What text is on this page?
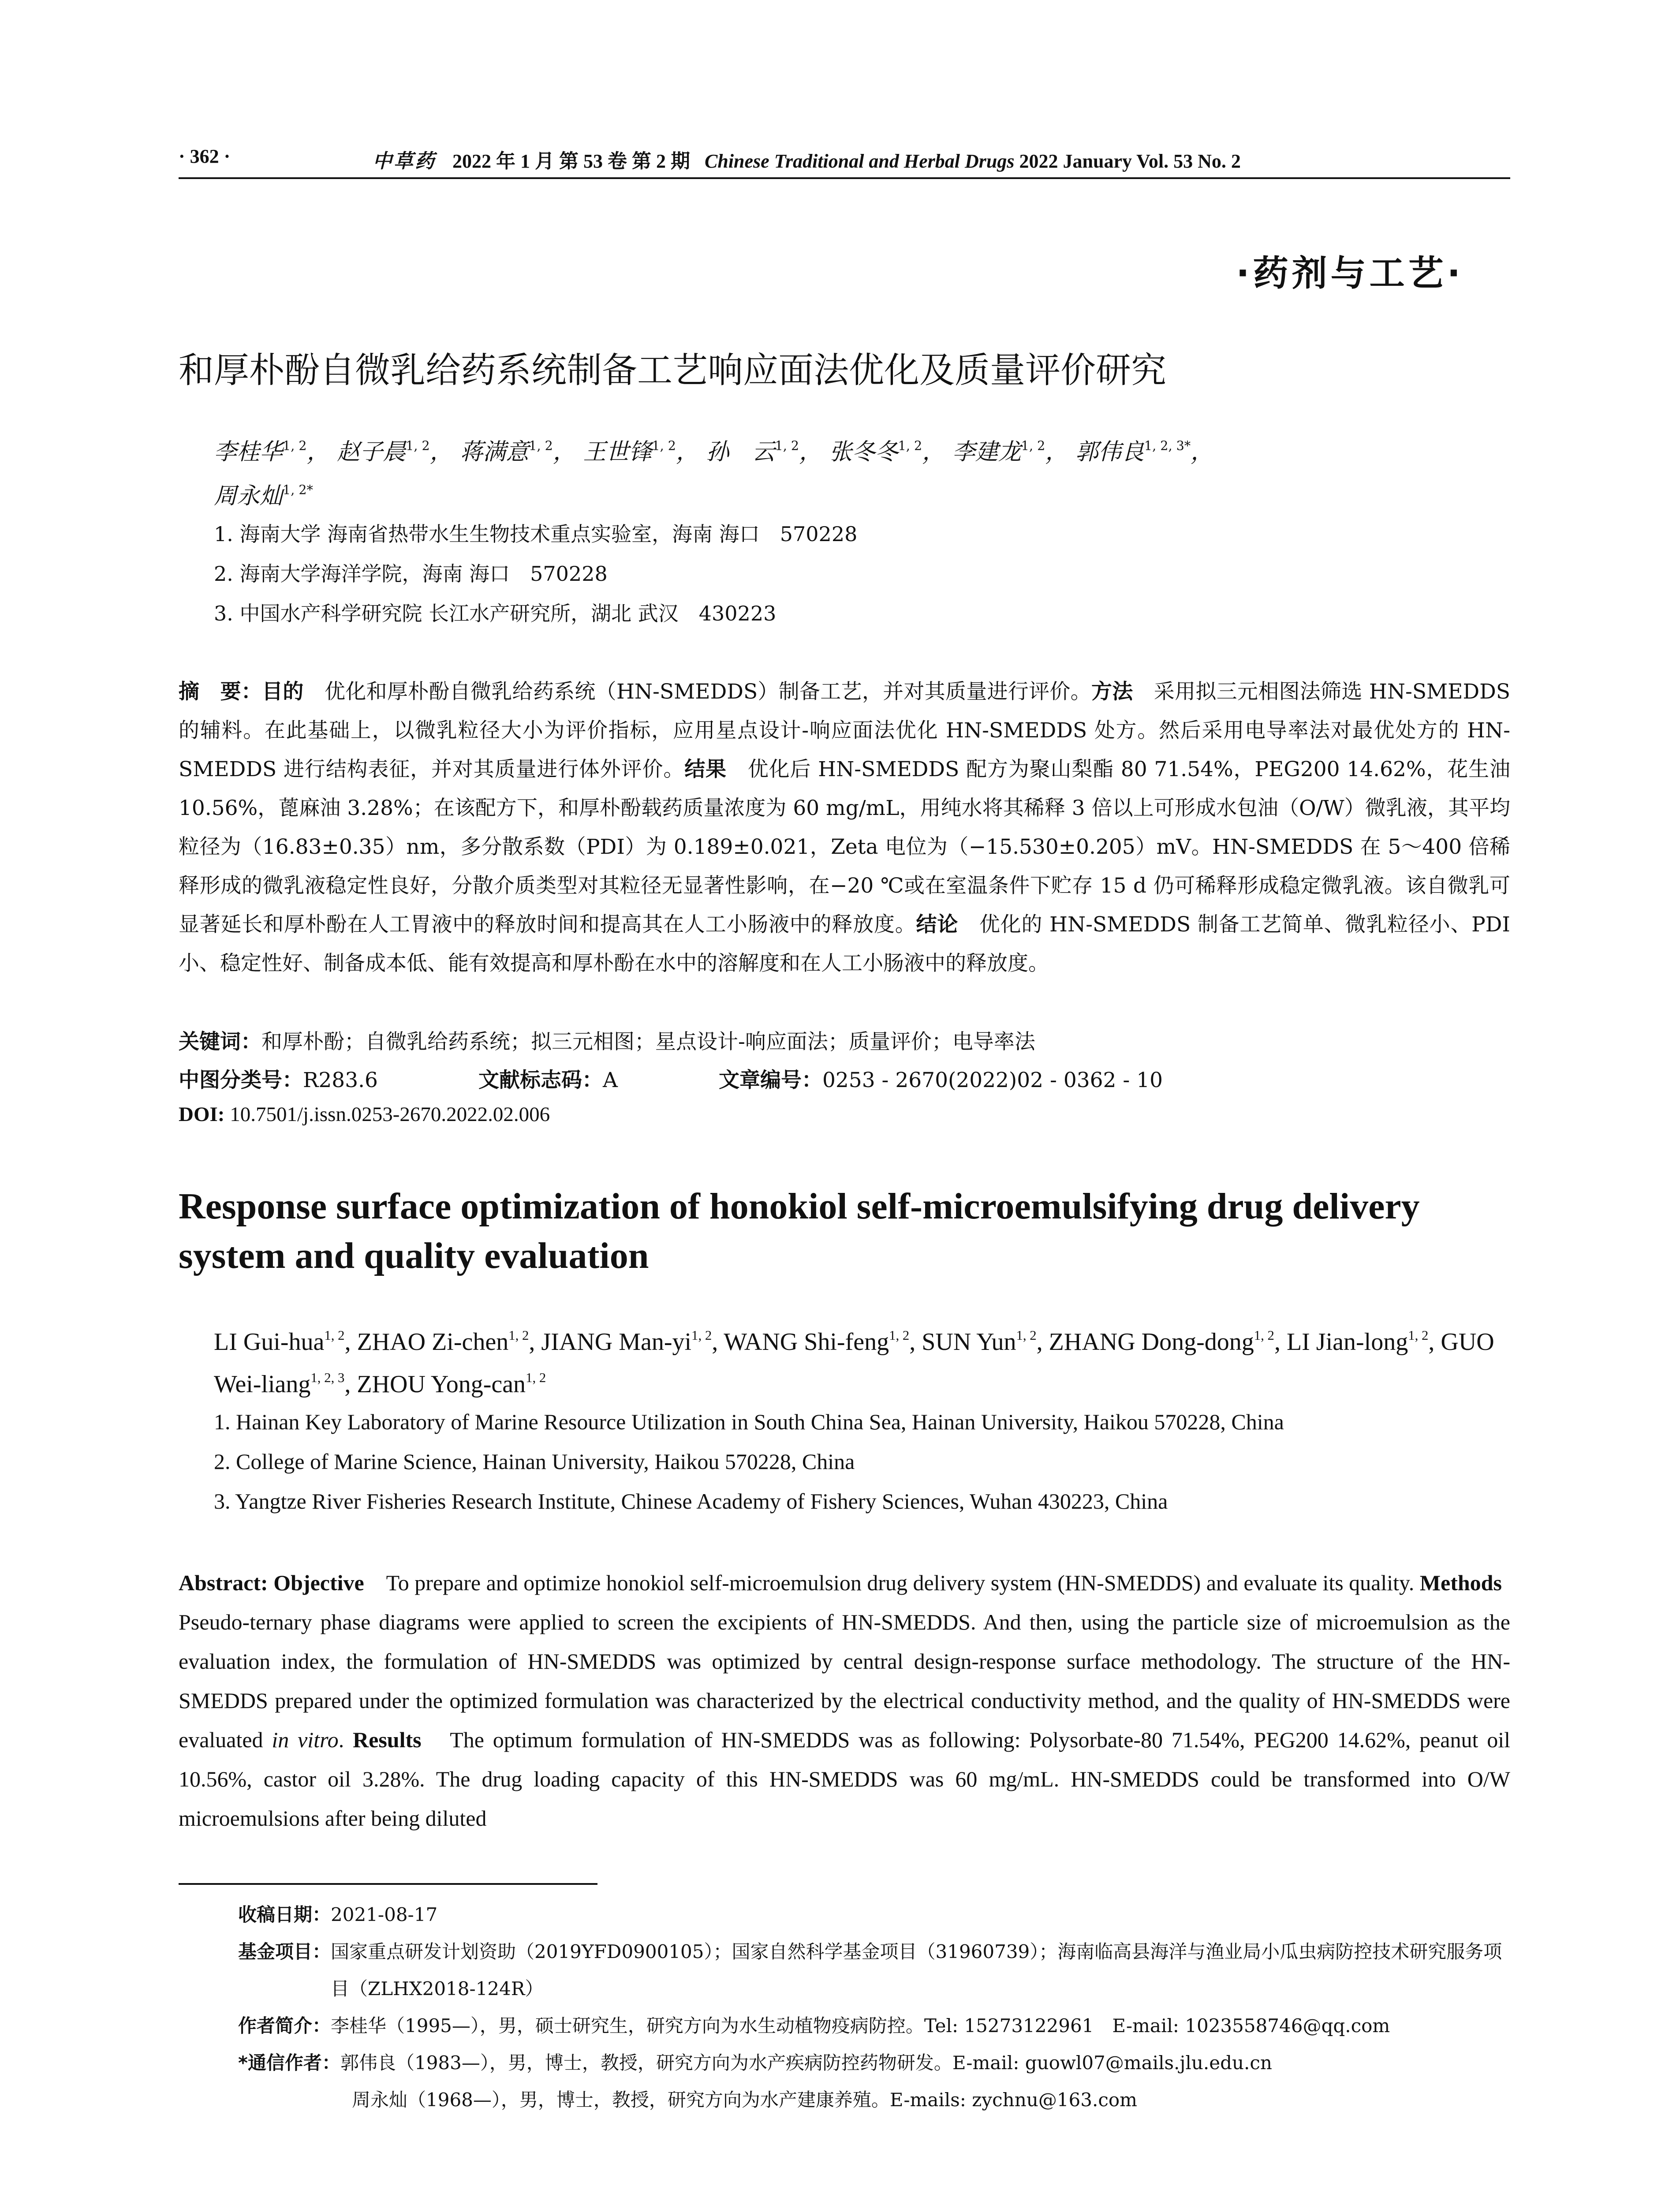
· 362 ·	中草药 2022 年 1 月 第 53 卷 第 2 期 Chinese Traditional and Herbal Drugs 2022 January Vol. 53 No. 2
·药剂与工艺·
和厚朴酚自微乳给药系统制备工艺响应面法优化及质量评价研究
李桂华$^{1, 2}$， 赵子晨$^{1, 2}$， 蒋满意$^{1, 2}$， 王世锋$^{1, 2}$， 孙　云$^{1, 2}$， 张冬冬$^{1, 2}$， 李建龙$^{1, 2}$， 郭伟良$^{1, 2, 3*}$，
周永灿$^{1, 2*}$
1. 海南大学 海南省热带水生生物技术重点实验室，海南 海口　570228
2. 海南大学海洋学院，海南 海口　570228
3. 中国水产科学研究院 长江水产研究所，湖北 武汉　430223
摘　要：目的　优化和厚朴酚自微乳给药系统（HN-SMEDDS）制备工艺，并对其质量进行评价。方法　采用拟三元相图法筛选 HN-SMEDDS 的辅料。在此基础上，以微乳粒径大小为评价指标，应用星点设计-响应面法优化 HN-SMEDDS 处方。然后采用电导率法对最优处方的 HN-SMEDDS 进行结构表征，并对其质量进行体外评价。结果　优化后 HN-SMEDDS 配方为聚山梨酯 80 71.54%，PEG200 14.62%，花生油 10.56%，蓖麻油 3.28%；在该配方下，和厚朴酚载药质量浓度为 60 mg/mL，用纯水将其稀释 3 倍以上可形成水包油（O/W）微乳液，其平均粒径为（16.83±0.35）nm，多分散系数（PDI）为 0.189±0.021，Zeta 电位为（−15.530±0.205）mV。HN-SMEDDS 在 5～400 倍稀释形成的微乳液稳定性良好，分散介质类型对其粒径无显著性影响，在−20 ℃或在室温条件下贮存 15 d 仍可稀释形成稳定微乳液。该自微乳可显著延长和厚朴酚在人工胃液中的释放时间和提高其在人工小肠液中的释放度。结论　优化的 HN-SMEDDS 制备工艺简单、微乳粒径小、PDI 小、稳定性好、制备成本低、能有效提高和厚朴酚在水中的溶解度和在人工小肠液中的释放度。
关键词：和厚朴酚；自微乳给药系统；拟三元相图；星点设计-响应面法；质量评价；电导率法
中图分类号：R283.6	文献标志码：A	文章编号：0253 - 2670(2022)02 - 0362 - 10
DOI: 10.7501/j.issn.0253-2670.2022.02.006
Response surface optimization of honokiol self-microemulsifying drug delivery system and quality evaluation
LI Gui-hua$^{1, 2}$, ZHAO Zi-chen$^{1, 2}$, JIANG Man-yi$^{1, 2}$, WANG Shi-feng$^{1, 2}$, SUN Yun$^{1, 2}$, ZHANG Dong-dong$^{1, 2}$, LI Jian-long$^{1, 2}$, GUO Wei-liang$^{1, 2, 3}$, ZHOU Yong-can$^{1, 2}$
1. Hainan Key Laboratory of Marine Resource Utilization in South China Sea, Hainan University, Haikou 570228, China
2. College of Marine Science, Hainan University, Haikou 570228, China
3. Yangtze River Fisheries Research Institute, Chinese Academy of Fishery Sciences, Wuhan 430223, China
Abstract: Objective　To prepare and optimize honokiol self-microemulsion drug delivery system (HN-SMEDDS) and evaluate its quality. Methods　Pseudo-ternary phase diagrams were applied to screen the excipients of HN-SMEDDS. And then, using the particle size of microemulsion as the evaluation index, the formulation of HN-SMEDDS was optimized by central design-response surface methodology. The structure of the HN-SMEDDS prepared under the optimized formulation was characterized by the electrical conductivity method, and the quality of HN-SMEDDS were evaluated in vitro. Results　The optimum formulation of HN-SMEDDS was as following: Polysorbate-80 71.54%, PEG200 14.62%, peanut oil 10.56%, castor oil 3.28%. The drug loading capacity of this HN-SMEDDS was 60 mg/mL. HN-SMEDDS could be transformed into O/W microemulsions after being diluted
收稿日期： 2021-08-17
基金项目： 国家重点研发计划资助（2019YFD0900105）；国家自然科学基金项目（31960739）；海南临高县海洋与渔业局小瓜虫病防控技术研究服务项目（ZLHX2018-124R）
作者简介： 李桂华（1995—），男，硕士研究生，研究方向为水生动植物疫病防控。Tel: 15273122961　E-mail: 1023558746@qq.com
*通信作者： 郭伟良（1983—），男，博士，教授，研究方向为水产疾病防控药物研发。E-mail: guowl07@mails.jlu.edu.cn
周永灿（1968—），男，博士，教授，研究方向为水产建康养殖。E-mails: zychnu@163.com
